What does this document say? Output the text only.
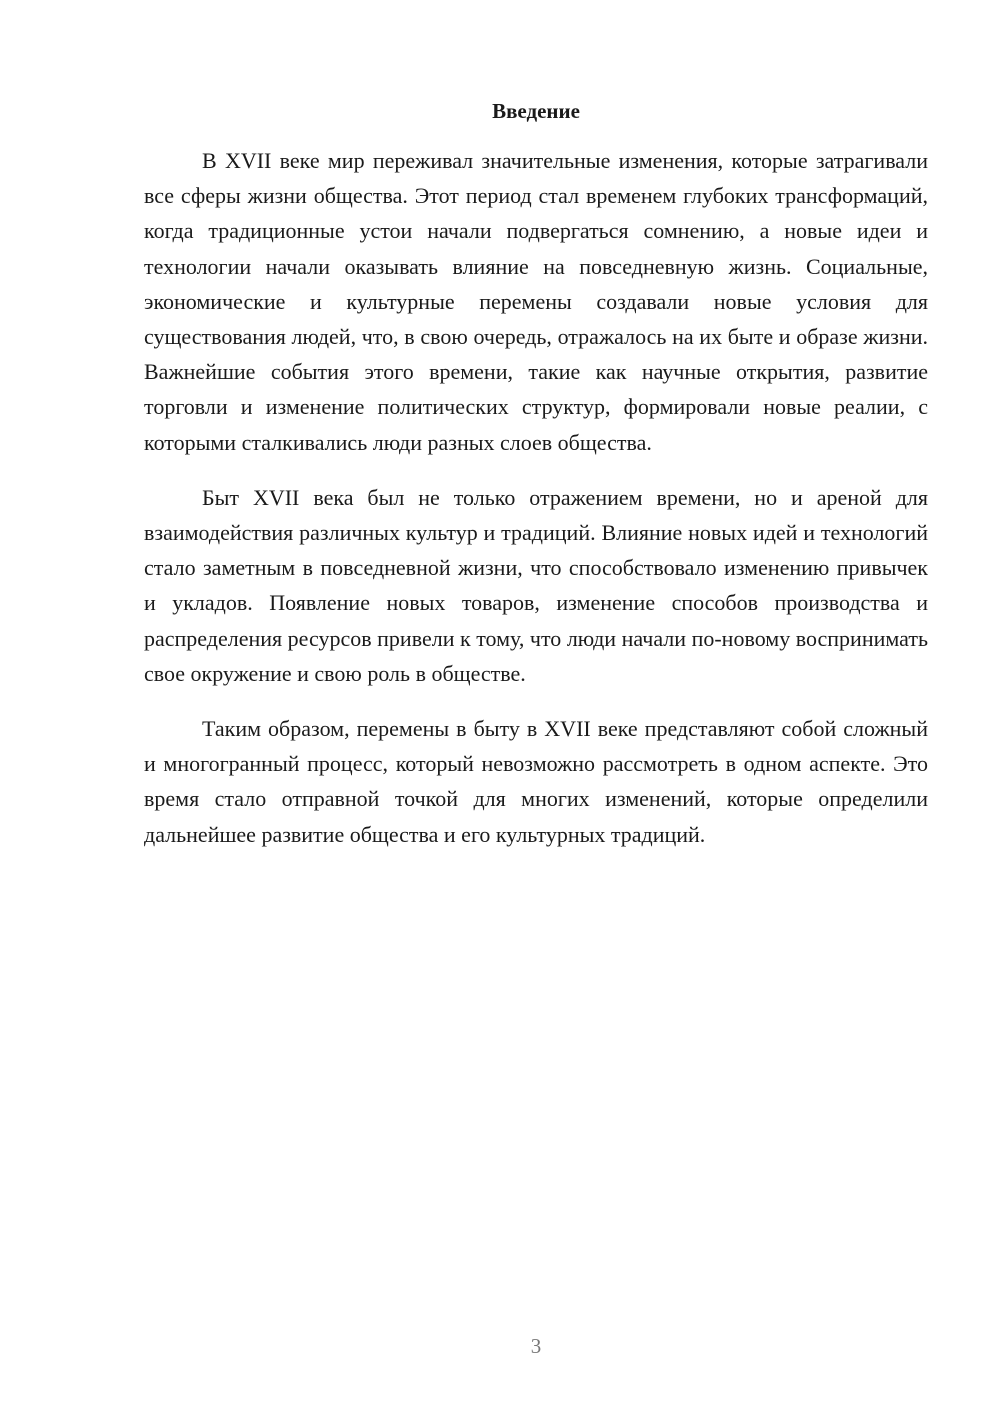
Введение

В XVII веке мир переживал значительные изменения, которые затрагивали все сферы жизни общества. Этот период стал временем глубоких трансформаций, когда традиционные устои начали подвергаться сомнению, а новые идеи и технологии начали оказывать влияние на повседневную жизнь. Социальные, экономические и культурные перемены создавали новые условия для существования людей, что, в свою очередь, отражалось на их быте и образе жизни. Важнейшие события этого времени, такие как научные открытия, развитие торговли и изменение политических структур, формировали новые реалии, с которыми сталкивались люди разных слоев общества.

Быт XVII века был не только отражением времени, но и ареной для взаимодействия различных культур и традиций. Влияние новых идей и технологий стало заметным в повседневной жизни, что способствовало изменению привычек и укладов. Появление новых товаров, изменение способов производства и распределения ресурсов привели к тому, что люди начали по-новому воспринимать свое окружение и свою роль в обществе.

Таким образом, перемены в быту в XVII веке представляют собой сложный и многогранный процесс, который невозможно рассмотреть в одном аспекте. Это время стало отправной точкой для многих изменений, которые определили дальнейшее развитие общества и его культурных традиций.

3
